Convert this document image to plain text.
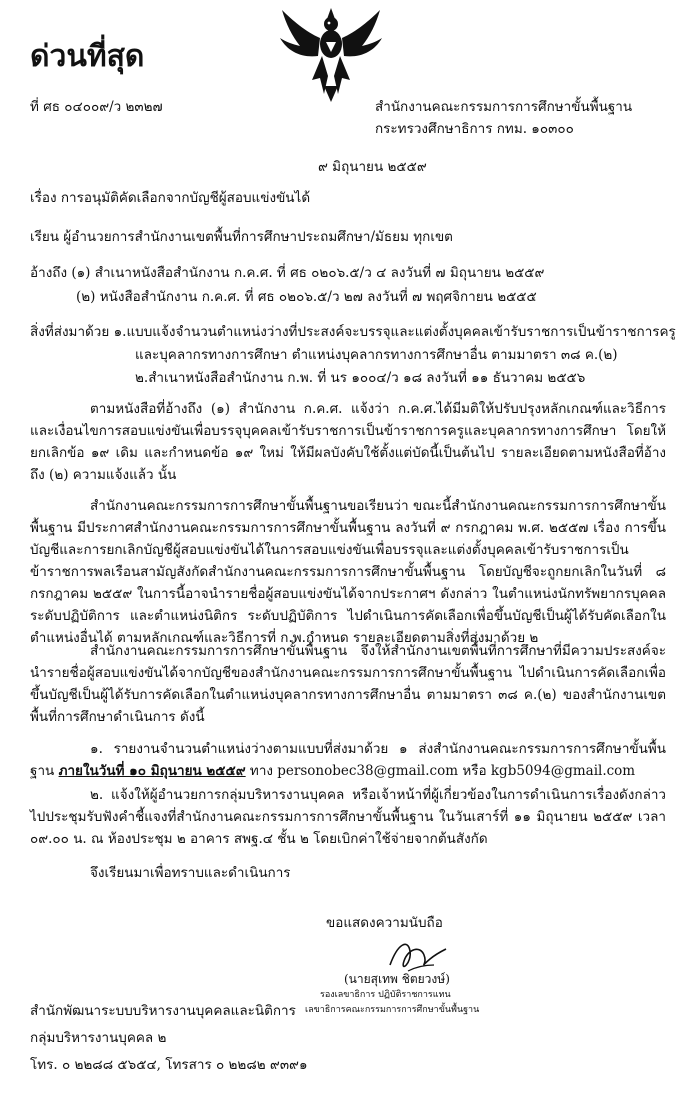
ด่วนที่สุด
ที่ ศธ ๐๔๐๐๙/ว ๒๓๒๗	สำนักงานคณะกรรมการการศึกษาขั้นพื้นฐาน
กระทรวงศึกษาธิการ กทม. ๑๐๓๐๐
๙ มิถุนายน ๒๕๕๙
เรื่อง การอนุมัติคัดเลือกจากบัญชีผู้สอบแข่งขันได้
เรียน ผู้อำนวยการสำนักงานเขตพื้นที่การศึกษาประถมศึกษา/มัธยม ทุกเขต
อ้างถึง (๑) สำเนาหนังสือสำนักงาน ก.ค.ศ. ที่ ศธ ๐๒๐๖.๕/ว ๔ ลงวันที่ ๗ มิถุนายน ๒๕๕๙
(๒) หนังสือสำนักงาน ก.ค.ศ. ที่ ศธ ๐๒๐๖.๕/ว ๒๗ ลงวันที่ ๗ พฤศจิกายน ๒๕๕๕
สิ่งที่ส่งมาด้วย ๑.แบบแจ้งจำนวนตำแหน่งว่างที่ประสงค์จะบรรจุและแต่งตั้งบุคคลเข้ารับราชการเป็นข้าราชการครู
และบุคลากรทางการศึกษา ตำแหน่งบุคลากรทางการศึกษาอื่น ตามมาตรา ๓๘ ค.(๒)
๒.สำเนาหนังสือสำนักงาน ก.พ. ที่ นร ๑๐๐๔/ว ๑๘ ลงวันที่ ๑๑ ธันวาคม ๒๕๕๖
ตามหนังสือที่อ้างถึง (๑) สำนักงาน ก.ค.ศ. แจ้งว่า ก.ค.ศ.ได้มีมติให้ปรับปรุงหลักเกณฑ์และวิธีการและเงื่อนไขการสอบแข่งขันเพื่อบรรจุบุคคลเข้ารับราชการเป็นข้าราชการครูและบุคลากรทางการศึกษา โดยให้ยกเลิกข้อ ๑๙ เดิม และกำหนดข้อ ๑๙ ใหม่ ให้มีผลบังคับใช้ตั้งแต่บัดนี้เป็นต้นไป รายละเอียดตามหนังสือที่อ้างถึง (๒) ความแจ้งแล้ว นั้น
สำนักงานคณะกรรมการการศึกษาขั้นพื้นฐานขอเรียนว่า ขณะนี้สำนักงานคณะกรรมการการศึกษาขั้นพื้นฐาน มีประกาศสำนักงานคณะกรรมการการศึกษาขั้นพื้นฐาน ลงวันที่ ๙ กรกฎาคม พ.ศ. ๒๕๕๗ เรื่อง การขึ้นบัญชีและการยกเลิกบัญชีผู้สอบแข่งขันได้ในการสอบแข่งขันเพื่อบรรจุและแต่งตั้งบุคคลเข้ารับราชการเป็นข้าราชการพลเรือนสามัญสังกัดสำนักงานคณะกรรมการการศึกษาขั้นพื้นฐาน โดยบัญชีจะถูกยกเลิกในวันที่ ๘ กรกฎาคม ๒๕๕๙ ในการนี้อาจนำรายชื่อผู้สอบแข่งขันได้จากประกาศฯ ดังกล่าว ในตำแหน่งนักทรัพยากรบุคคล ระดับปฏิบัติการ และตำแหน่งนิติกร ระดับปฏิบัติการ ไปดำเนินการคัดเลือกเพื่อขึ้นบัญชีเป็นผู้ได้รับคัดเลือกในตำแหน่งอื่นได้ ตามหลักเกณฑ์และวิธีการที่ ก.พ.กำหนด รายละเอียดตามสิ่งที่ส่งมาด้วย ๒
สำนักงานคณะกรรมการการศึกษาขั้นพื้นฐาน จึงให้สำนักงานเขตพื้นที่การศึกษาที่มีความประสงค์จะนำรายชื่อผู้สอบแข่งขันได้จากบัญชีของสำนักงานคณะกรรมการการศึกษาขั้นพื้นฐาน ไปดำเนินการคัดเลือกเพื่อขึ้นบัญชีเป็นผู้ได้รับการคัดเลือกในตำแหน่งบุคลากรทางการศึกษาอื่น ตามมาตรา ๓๘ ค.(๒) ของสำนักงานเขตพื้นที่การศึกษาดำเนินการ ดังนี้
๑. รายงานจำนวนตำแหน่งว่างตามแบบที่ส่งมาด้วย ๑ ส่งสำนักงานคณะกรรมการการศึกษาขั้นพื้นฐาน ภายในวันที่ ๑๐ มิถุนายน ๒๕๕๙ ทาง personobec38@gmail.com หรือ kgb5094@gmail.com
๒. แจ้งให้ผู้อำนวยการกลุ่มบริหารงานบุคคล หรือเจ้าหน้าที่ผู้เกี่ยวข้องในการดำเนินการเรื่องดังกล่าวไปประชุมรับฟังคำชี้แจงที่สำนักงานคณะกรรมการการศึกษาขั้นพื้นฐาน ในวันเสาร์ที่ ๑๑ มิถุนายน ๒๕๕๙ เวลา ๐๙.๐๐ น. ณ ห้องประชุม ๒ อาคาร สพฐ.๔ ชั้น ๒ โดยเบิกค่าใช้จ่ายจากต้นสังกัด
จึงเรียนมาเพื่อทราบและดำเนินการ
ขอแสดงความนับถือ
(นายสุเทพ ชิตยวงษ์)
รองเลขาธิการ ปฏิบัติราชการแทน
เลขาธิการคณะกรรมการการศึกษาขั้นพื้นฐาน
สำนักพัฒนาระบบบริหารงานบุคคลและนิติการ
กลุ่มบริหารงานบุคคล ๒
โทร. ๐ ๒๒๘๘ ๕๖๕๔, โทรสาร ๐ ๒๒๘๒ ๙๓๙๑
